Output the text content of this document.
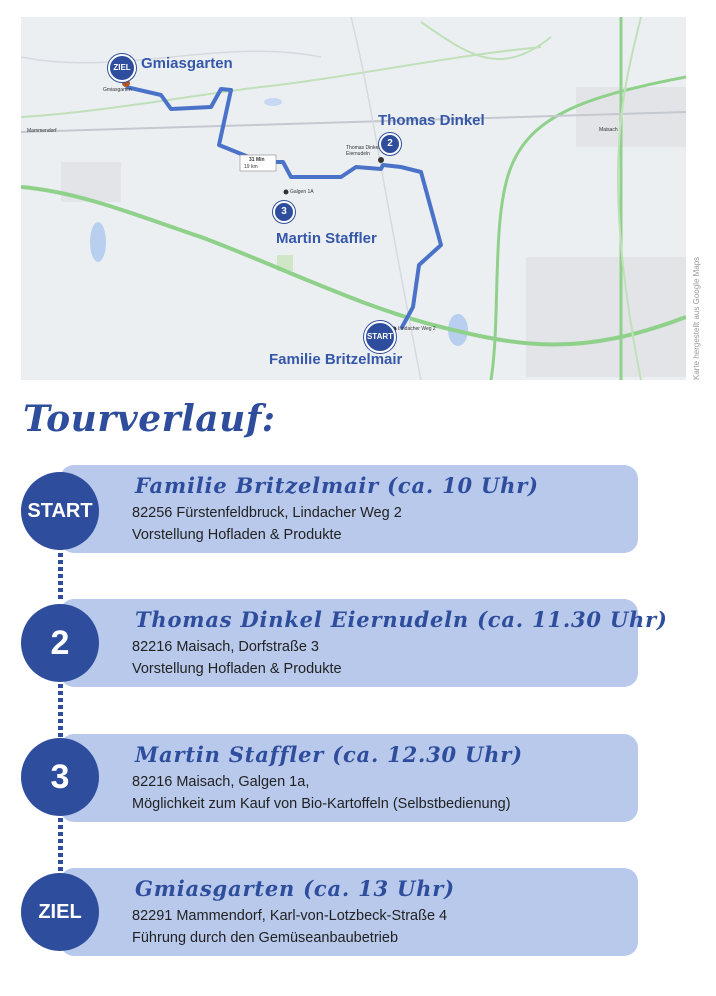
ZIEL Gmiasgarten
Thomas Dinkel
2
3
Martin Staffler
START
Familie Britzelmair
Mammendorf	Maisach
Galgen 1A
Gmiasgarten
Thomas Dinkel Eiernudeln
Lindacher Weg 2
31 Min
19 km
Karte hergestellt aus Google Maps
Tourverlauf:
Familie Britzelmair (ca. 10 Uhr)
82256 Fürstenfeldbruck, Lindacher Weg 2
Vorstellung Hofladen & Produkte
START
Thomas Dinkel Eiernudeln (ca. 11.30 Uhr)
82216 Maisach, Dorfstraße 3
Vorstellung Hofladen & Produkte
2
Martin Staffler (ca. 12.30 Uhr)
82216 Maisach, Galgen 1a,
Möglichkeit zum Kauf von Bio-Kartoffeln (Selbstbedienung)
3
Gmiasgarten (ca. 13 Uhr)
82291 Mammendorf, Karl-von-Lotzbeck-Straße 4
Führung durch den Gemüseanbaubetrieb
ZIEL
